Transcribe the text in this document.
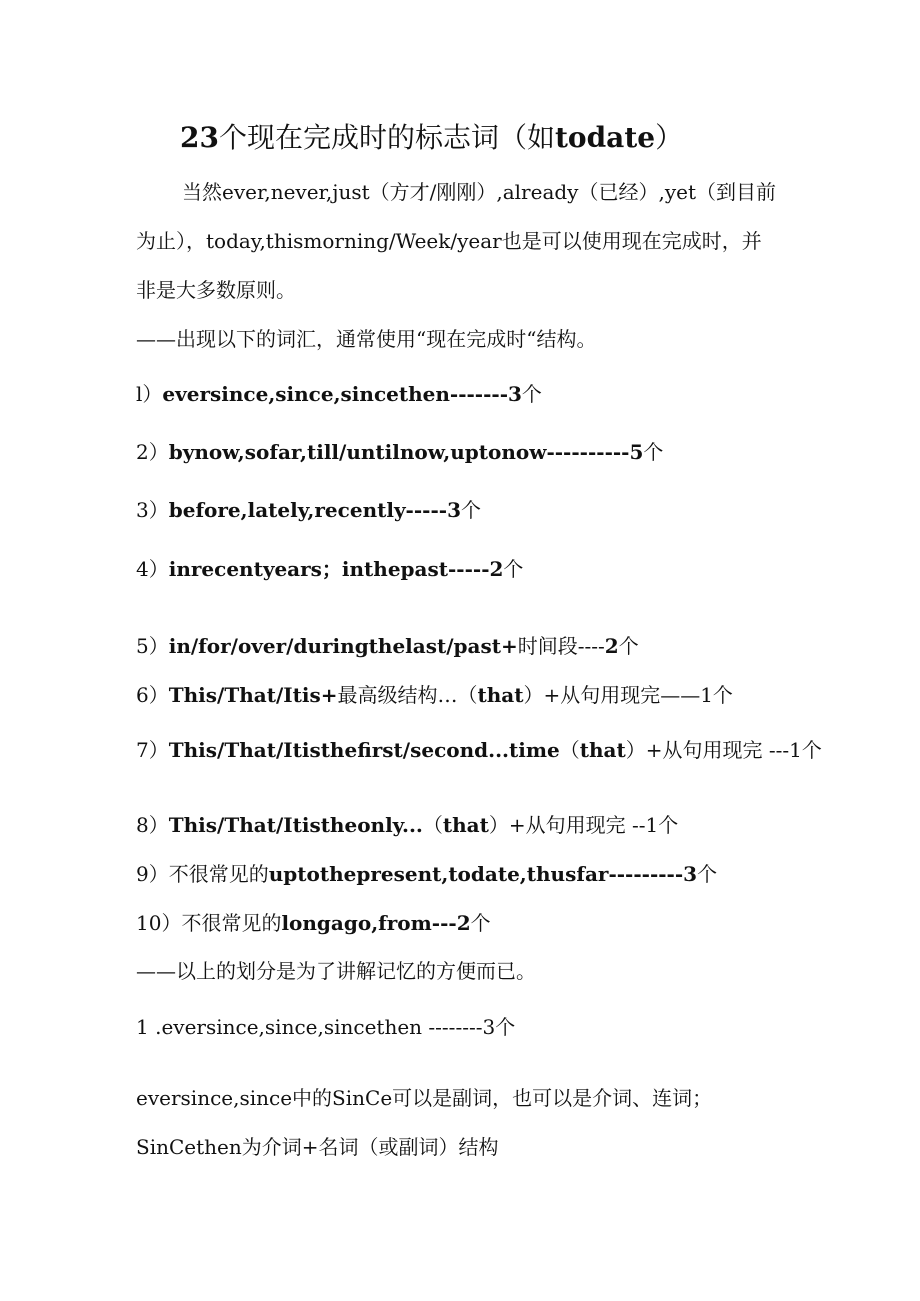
23个现在完成时的标志词（如todate）
当然ever,never,just（方才/刚刚）,already（已经）,yet（到目前
为止），today,thismorning/Week/year也是可以使用现在完成时，并
非是大多数原则。
——出现以下的词汇，通常使用“现在完成时“结构。
l）eversince,since,sincethen-------3个
2）bynow,sofar,till/untilnow,uptonow----------5个
3）before,lately,recently-----3个
4）inrecentyears；inthepast-----2个
5）in/for/over/duringthelast/past+时间段----2个
6）This/That/Itis+最高级结构…（that）+从句用现完——1个
7）This/That/Itisthefirst/second...time（that）+从句用现完 ---1个
8）This/That/Itistheonly...（that）+从句用现完 --1个
9）不很常见的uptothepresent,todate,thusfar---------3个
10）不很常见的longago,from---2个
——以上的划分是为了讲解记忆的方便而已。
1 .eversince,since,sincethen --------3个
eversince,since中的SinCe可以是副词，也可以是介词、连词；
SinCethen为介词+名词（或副词）结构
